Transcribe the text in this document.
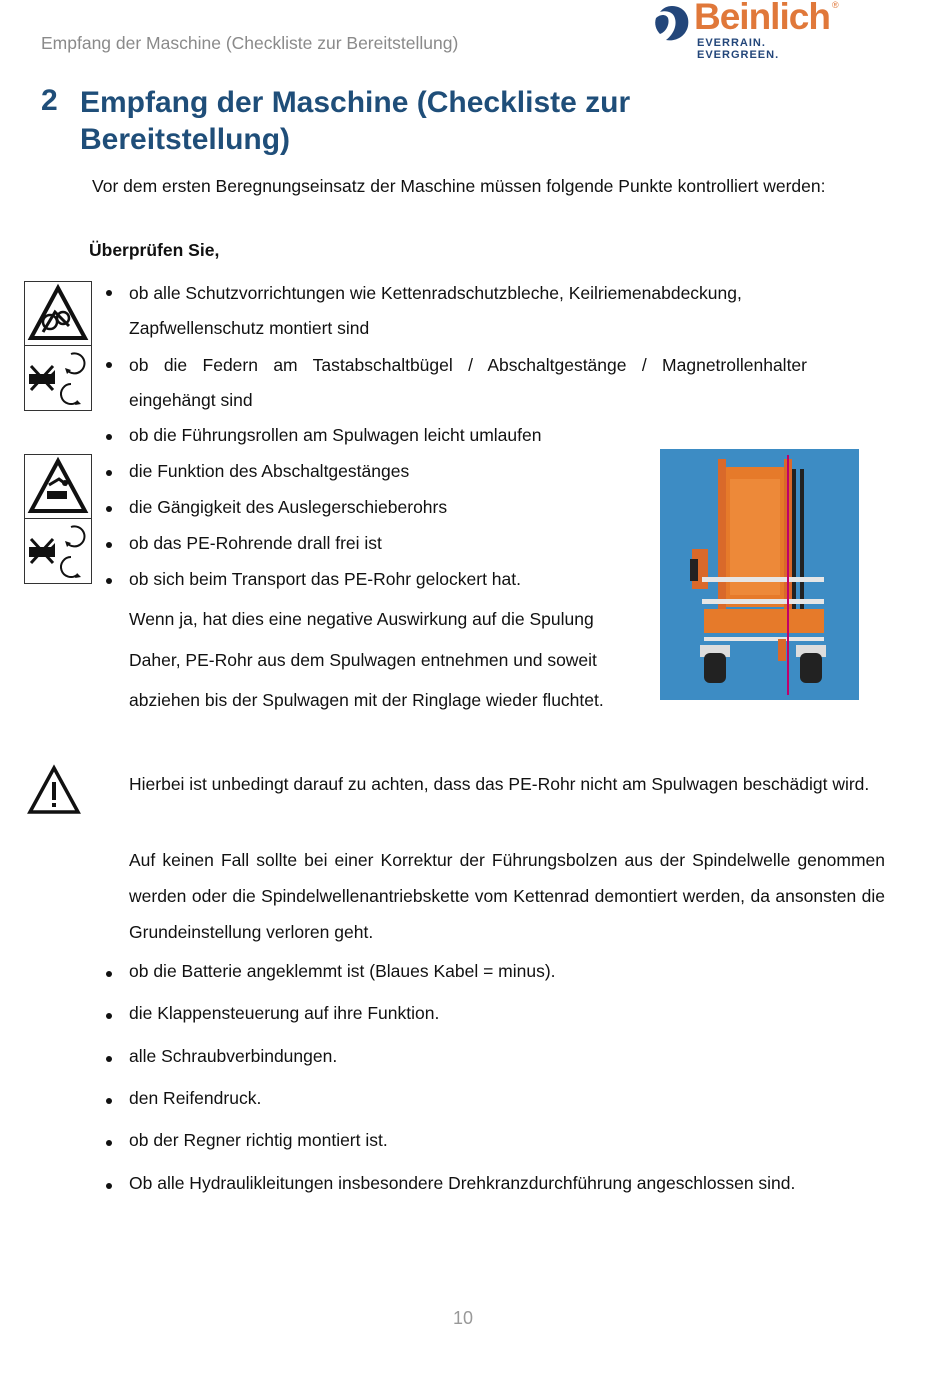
Empfang der Maschine (Checkliste zur Bereitstellung)
Beinlich ®
EVERRAIN. EVERGREEN.
2 Empfang der Maschine (Checkliste zur Bereitstellung)
Vor dem ersten Beregnungseinsatz der Maschine müssen folgende Punkte kontrolliert werden:
Überprüfen Sie,
ob alle Schutzvorrichtungen wie Kettenradschutzbleche, Keilriemenabdeckung, Zapfwellenschutz montiert sind
ob die Federn am Tastabschaltbügel / Abschaltgestänge / Magnetrollenhalter eingehängt sind
ob die Führungsrollen am Spulwagen leicht umlaufen
die Funktion des Abschaltgestänges
die Gängigkeit des Auslegerschieberohrs
ob das PE-Rohrende drall frei ist
ob sich beim Transport das PE-Rohr gelockert hat.
Wenn ja, hat dies eine negative Auswirkung auf die Spulung
Daher, PE-Rohr aus dem Spulwagen entnehmen und soweit
abziehen bis der Spulwagen mit der Ringlage wieder fluchtet.
Hierbei ist unbedingt darauf zu achten, dass das PE-Rohr nicht am Spulwagen beschädigt wird.
Auf keinen Fall sollte bei einer Korrektur der Führungsbolzen aus der Spindelwelle genommen werden oder die Spindelwellenantriebskette vom Kettenrad demontiert werden, da ansonsten die Grundeinstellung verloren geht.
ob die Batterie angeklemmt ist (Blaues Kabel = minus).
die Klappensteuerung auf ihre Funktion.
alle Schraubverbindungen.
den Reifendruck.
ob der Regner richtig montiert ist.
Ob alle Hydraulikleitungen insbesondere Drehkranzdurchführung angeschlossen sind.
10
